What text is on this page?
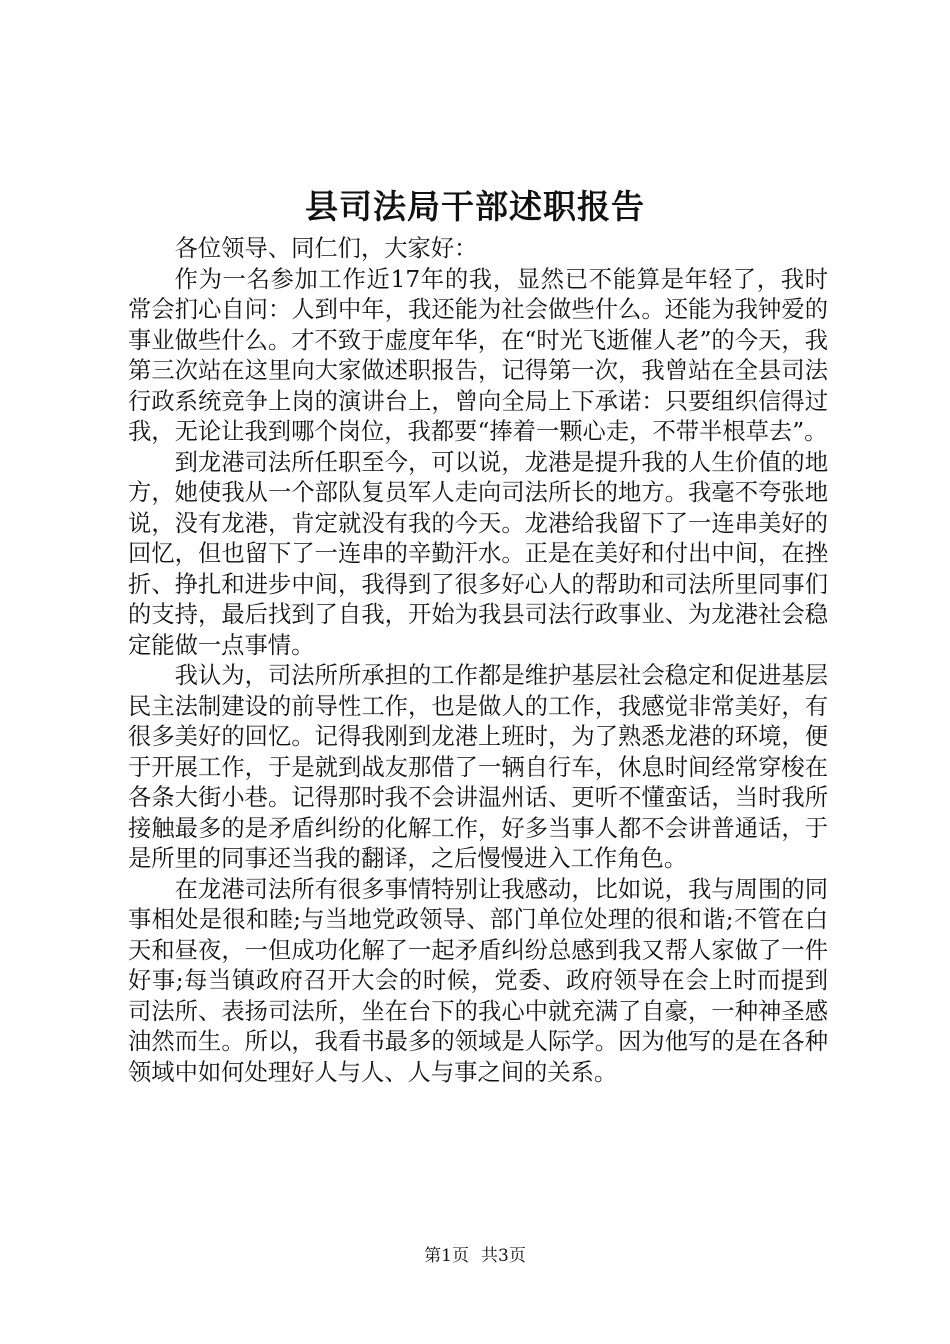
县司法局干部述职报告

各位领导、同仁们，大家好：

作为一名参加工作近17年的我，显然已不能算是年轻了，我时常会扪心自问：人到中年，我还能为社会做些什么。还能为我钟爱的事业做些什么。才不致于虚度年华，在“时光飞逝催人老”的今天，我第三次站在这里向大家做述职报告，记得第一次，我曾站在全县司法行政系统竞争上岗的演讲台上，曾向全局上下承诺：只要组织信得过我，无论让我到哪个岗位，我都要“捧着一颗心走，不带半根草去”。

到龙港司法所任职至今，可以说，龙港是提升我的人生价值的地方，她使我从一个部队复员军人走向司法所长的地方。我毫不夸张地说，没有龙港，肯定就没有我的今天。龙港给我留下了一连串美好的回忆，但也留下了一连串的辛勤汗水。正是在美好和付出中间，在挫折、挣扎和进步中间，我得到了很多好心人的帮助和司法所里同事们的支持，最后找到了自我，开始为我县司法行政事业、为龙港社会稳定能做一点事情。

我认为，司法所所承担的工作都是维护基层社会稳定和促进基层民主法制建设的前导性工作，也是做人的工作，我感觉非常美好，有很多美好的回忆。记得我刚到龙港上班时，为了熟悉龙港的环境，便于开展工作，于是就到战友那借了一辆自行车，休息时间经常穿梭在各条大街小巷。记得那时我不会讲温州话、更听不懂蛮话，当时我所接触最多的是矛盾纠纷的化解工作，好多当事人都不会讲普通话，于是所里的同事还当我的翻译，之后慢慢进入工作角色。

在龙港司法所有很多事情特别让我感动，比如说，我与周围的同事相处是很和睦;与当地党政领导、部门单位处理的很和谐;不管在白天和昼夜，一但成功化解了一起矛盾纠纷总感到我又帮人家做了一件好事;每当镇政府召开大会的时候，党委、政府领导在会上时而提到司法所、表扬司法所，坐在台下的我心中就充满了自豪，一种神圣感油然而生。所以，我看书最多的领域是人际学。因为他写的是在各种领域中如何处理好人与人、人与事之间的关系。

第1页 共3页
